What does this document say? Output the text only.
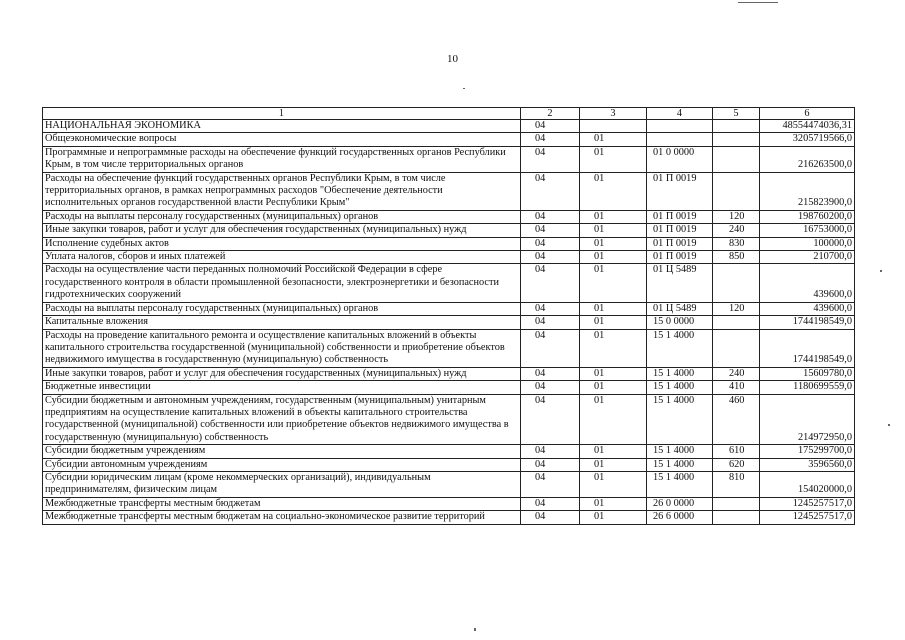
10
1	2	3	4	5	6
НАЦИОНАЛЬНАЯ ЭКОНОМИКА	04				48554474036,31
Общеэкономические вопросы	04	01			3205719566,0
Программные и непрограммные расходы на обеспечение функций государственных органов Республики Крым, в том числе территориальных органов	04	01	01 0 0000		216263500,0
Расходы на обеспечение функций государственных органов Республики Крым, в том числе территориальных органов, в рамках непрограммных расходов "Обеспечение деятельности исполнительных органов государственной власти Республики Крым"	04	01	01 П 0019		215823900,0
Расходы на выплаты персоналу государственных (муниципальных) органов	04	01	01 П 0019	120	198760200,0
Иные закупки товаров, работ и услуг для обеспечения государственных (муниципальных) нужд	04	01	01 П 0019	240	16753000,0
Исполнение судебных актов	04	01	01 П 0019	830	100000,0
Уплата налогов, сборов и иных платежей	04	01	01 П 0019	850	210700,0
Расходы на осуществление части переданных полномочий Российской Федерации в сфере государственного контроля в области промышленной безопасности, электроэнергетики и безопасности гидротехнических сооружений	04	01	01 Ц 5489		439600,0
Расходы на выплаты персоналу государственных (муниципальных) органов	04	01	01 Ц 5489	120	439600,0
Капитальные вложения	04	01	15 0 0000		1744198549,0
Расходы на проведение капитального ремонта и осуществление капитальных вложений в объекты капитального строительства государственной (муниципальной) собственности и приобретение объектов недвижимого имущества в государственную (муниципальную) собственность	04	01	15 1 4000		1744198549,0
Иные закупки товаров, работ и услуг для обеспечения государственных (муниципальных) нужд	04	01	15 1 4000	240	15609780,0
Бюджетные инвестиции	04	01	15 1 4000	410	1180699559,0
Субсидии бюджетным и автономным учреждениям, государственным (муниципальным) унитарным предприятиям на осуществление капитальных вложений в объекты капитального строительства государственной (муниципальной) собственности или приобретение объектов недвижимого имущества в государственную (муниципальную) собственность	04	01	15 1 4000	460	214972950,0
Субсидии бюджетным учреждениям	04	01	15 1 4000	610	175299700,0
Субсидии автономным учреждениям	04	01	15 1 4000	620	3596560,0
Субсидии юридическим лицам (кроме некоммерческих организаций), индивидуальным предпринимателям, физическим лицам	04	01	15 1 4000	810	154020000,0
Межбюджетные трансферты местным бюджетам	04	01	26 0 0000		1245257517,0
Межбюджетные трансферты местным бюджетам на социально-экономическое развитие территорий	04	01	26 6 0000		1245257517,0
